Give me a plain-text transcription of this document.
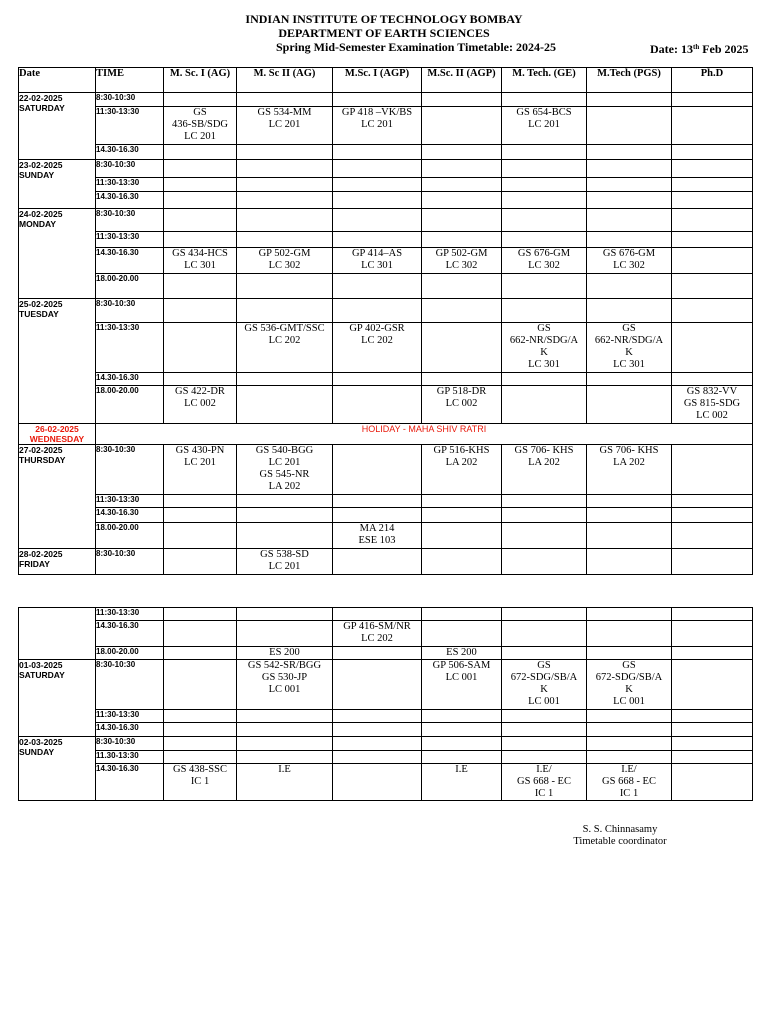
INDIAN INSTITUTE OF TECHNOLOGY BOMBAY
DEPARTMENT OF EARTH SCIENCES
Spring Mid-Semester Examination Timetable: 2024-25	Date: 13th Feb 2025
Date	TIME	M. Sc. I (AG)	M. Sc II (AG)	M.Sc. I (AGP)	M.Sc. II (AGP)	M. Tech. (GE)	M.Tech (PGS)	Ph.D

22-02-2025
SATURDAY	8:30-10:30							
	11:30-13:30	GS
436-SB/SDG
LC 201	GS 534-MM
LC 201	GP 418 –VK/BS
LC 201		GS 654-BCS
LC 201		

	14.30-16.30							

23-02-2025
SUNDAY	8:30-10:30							
	11:30-13:30							
	14.30-16.30							

24-02-2025
MONDAY	8:30-10:30							
	11:30-13:30							
	14.30-16.30	GS 434-HCS
LC 301	GP 502-GM
LC 302	GP 414–AS
LC 301	GP 502-GM
LC 302	GS 676-GM
LC 302	GS 676-GM
LC 302	

	18.00-20.00							

25-02-2025
TUESDAY	8:30-10:30							
	11:30-13:30		GS 536-GMT/SSC
LC 202	GP 402-GSR
LC 202		GS
662-NR/SDG/A
K
LC 301	GS
662-NR/SDG/A
K
LC 301	

	14.30-16.30							
	18.00-20.00	GS 422-DR
LC 002			GP 518-DR
LC 002			GS 832-VV
GS 815-SDG
LC 002

26-02-2025
WEDNESDAY	HOLIDAY - MAHA SHIV RATRI							

27-02-2025
THURSDAY	8:30-10:30	GS 430-PN
LC 201	GS 540-BGG
LC 201
GS 545-NR
LA 202		GP 516-KHS
LA 202	GS 706- KHS
LA 202	GS 706- KHS
LA 202	

	11:30-13:30							
	14.30-16.30							
	18.00-20.00			MA 214
ESE 103				

28-02-2025
FRIDAY	8:30-10:30		GS 538-SD
LC 201					

	11:30-13:30							
	14.30-16.30			GP 416-SM/NR
LC 202				

	18.00-20.00		ES 200		ES 200			

01-03-2025
SATURDAY	8:30-10:30		GS 542-SR/BGG
GS 530-JP
LC 001		GP 506-SAM
LC 001	GS
672-SDG/SB/A
K
LC 001	GS
672-SDG/SB/A
K
LC 001	

	11:30-13:30							
	14.30-16.30							

02-03-2025
SUNDAY	8:30-10:30							
	11.30-13:30							
	14.30-16.30	GS 438-SSC
IC 1	I.E		I.E	I.E/
GS 668 - EC
IC 1	I.E/
GS 668 - EC
IC 1	

S. S. Chinnasamy
Timetable coordinator
